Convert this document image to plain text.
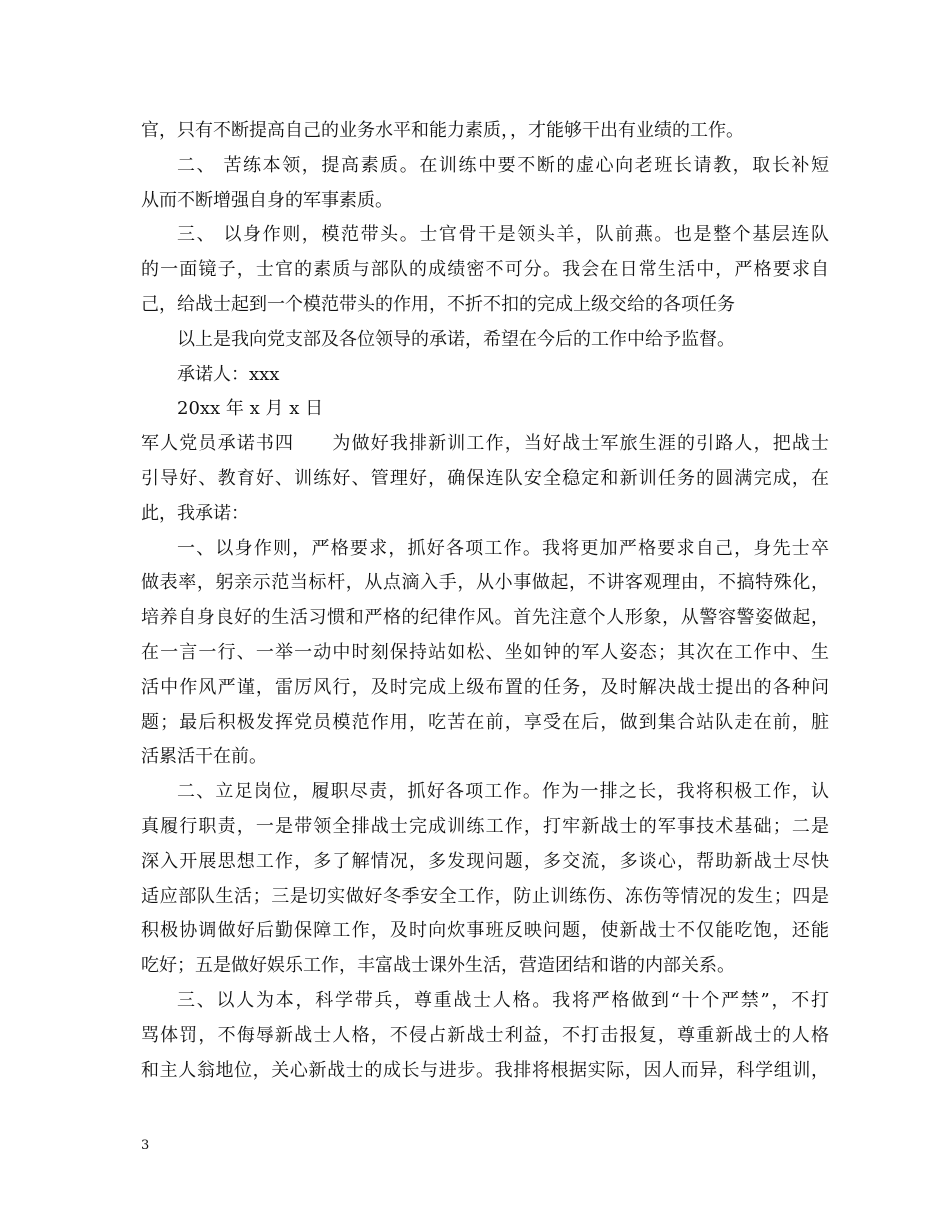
官，只有不断提高自己的业务水平和能力素质，，才能够干出有业绩的工作。
二、 苦练本领，提高素质。在训练中要不断的虚心向老班长请教，取长补短
从而不断增强自身的军事素质。
三、 以身作则，模范带头。士官骨干是领头羊，队前燕。也是整个基层连队
的一面镜子，士官的素质与部队的成绩密不可分。我会在日常生活中，严格要求自
己，给战士起到一个模范带头的作用，不折不扣的完成上级交给的各项任务
以上是我向党支部及各位领导的承诺，希望在今后的工作中给予监督。
承诺人：xxx
20xx 年 x 月 x 日
军人党员承诺书四　　为做好我排新训工作，当好战士军旅生涯的引路人，把战士
引导好、教育好、训练好、管理好，确保连队安全稳定和新训任务的圆满完成，在
此，我承诺：
一、以身作则，严格要求，抓好各项工作。我将更加严格要求自己，身先士卒
做表率，躬亲示范当标杆，从点滴入手，从小事做起，不讲客观理由，不搞特殊化，
培养自身良好的生活习惯和严格的纪律作风。首先注意个人形象，从警容警姿做起，
在一言一行、一举一动中时刻保持站如松、坐如钟的军人姿态；其次在工作中、生
活中作风严谨，雷厉风行，及时完成上级布置的任务，及时解决战士提出的各种问
题；最后积极发挥党员模范作用，吃苦在前，享受在后，做到集合站队走在前，脏
活累活干在前。
二、立足岗位，履职尽责，抓好各项工作。作为一排之长，我将积极工作，认
真履行职责，一是带领全排战士完成训练工作，打牢新战士的军事技术基础；二是
深入开展思想工作，多了解情况，多发现问题，多交流，多谈心，帮助新战士尽快
适应部队生活；三是切实做好冬季安全工作，防止训练伤、冻伤等情况的发生；四是
积极协调做好后勤保障工作，及时向炊事班反映问题，使新战士不仅能吃饱，还能
吃好；五是做好娱乐工作，丰富战士课外生活，营造团结和谐的内部关系。
三、以人为本，科学带兵，尊重战士人格。我将严格做到“十个严禁”，不打
骂体罚，不侮辱新战士人格，不侵占新战士利益，不打击报复，尊重新战士的人格
和主人翁地位，关心新战士的成长与进步。我排将根据实际，因人而异，科学组训，
3
